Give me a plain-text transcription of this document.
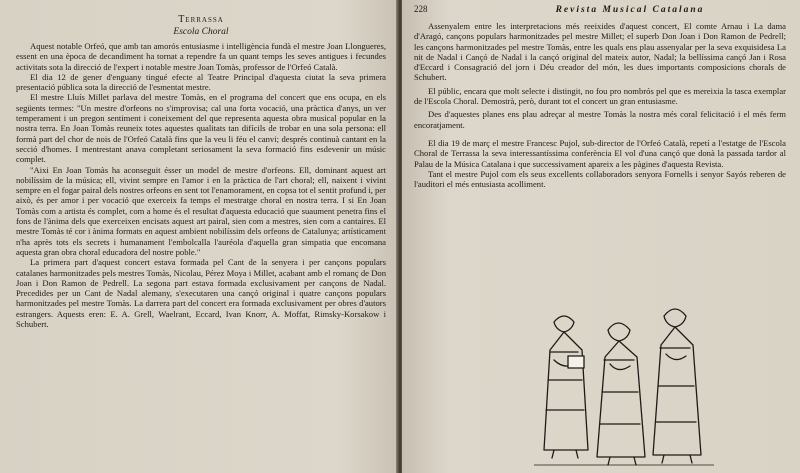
Terrassa
Escola Choral

Aquest notable Orfeó, que amb tan amorós entusiasme i intelligència fundà el mestre Joan Llongueres, essent en una època de decandiment ha tornat a rependre fa un quant temps les seves antigues i fecundes activitats sota la direcció de l'expert i notable mestre Joan Tomàs, professor de l'Orfeó Català.

El dia 12 de gener d'enguany tingué efecte al Teatre Principal d'aquesta ciutat la seva primera presentació pública sota la direcció de l'esmentat mestre.

El mestre Lluís Millet parlava del mestre Tomàs, en el programa del concert que ens ocupa, en els següents termes: "Un mestre d'orfeons no s'improvisa; cal una forta vocació, una pràctica d'anys, un ver temperament i un pregon sentiment i coneixement del que representa aquesta obra musical popular en la nostra terra. En Joan Tomàs reuneix totes aquestes qualitats tan difícils de trobar en una sola persona: ell formà part del chor de nois de l'Orfeó Català fins que la veu li féu el canvi; després continuà cantant en la secció d'homes. I mentrestant anava completant seriosament la seva formació fins esdevenir un músic complet.

"Aixi En Joan Tomàs ha aconseguit ésser un model de mestre d'orfeons. Ell, dominant aquest art nobilíssim de la música; ell, vivint sempre en l'amor i en la pràctica de l'art choral; ell, naixent i vivint sempre en el fogar pairal dels nostres orfeons en sent tot l'enamorament, en copsa tot el sentit profund i, per això, és per amor i per vocació que exerceix fa temps el mestratge choral en nostra terra. I si En Joan Tomàs com a artista és complet, com a home és el resultat d'aquesta educació que suaument penetra fins el fons de l'ànima dels que exerceixen encisats aquest art pairal, sien com a mestres, sien com a cantaires. El mestre Tomàs té cor i ànima formats en aquest ambient nobilíssim dels orfeons de Catalunya; artísticament n'ha après tots els secrets i humanament l'embolcalla l'auréola d'aquella gran simpatia que encomana aquesta gran obra choral educadora del nostre poble."

La primera part d'aquest concert estava formada pel Cant de la senyera i per cançons populars catalanes harmonitzades pels mestres Tomàs, Nicolau, Pérez Moya i Millet, acabant amb el romanç de Don Joan i Don Ramon de Pedrell. La segona part estava formada exclusivament per cançons de Nadal. Precedides per un Cant de Nadal alemany, s'executaren una cançó original i quatre cançons populars harmonitzades pel mestre Tomàs. La darrera part del concert era formada exclusivament per obres d'autors estrangers. Aquests eren: E. A. Grell, Waelrant, Eccard, Ivan Knorr, A. Moffat, Rimsky-Korsakow i Schubert.

228	Revista Musical Catalana

Assenyalem entre les interpretacions més reeixides d'aquest concert, El comte Arnau i La dama d'Aragó, cançons populars harmonitzades pel mestre Millet; el superb Don Joan i Don Ramon de Pedrell; les cançons harmonitzades pel mestre Tomàs, entre les quals ens plau assenyalar per la seva exquisidesa La nit de Nadal i Cançó de Nadal i la cançó original del mateix autor, Nadal; la bellíssima cançó Jan i Rosa d'Eccard i Consagració del jorn i Déu creador del món, les dues importants composicions chorals de Schubert.

El públic, encara que molt selecte i distingit, no fou pro nombrós pel que es mereixia la tasca exemplar de l'Escola Choral. Demostrà, però, durant tot el concert un gran entusiasme.

Des d'aquestes planes ens plau adreçar al mestre Tomàs la nostra més coral felicitació i el més ferm encoratjament.

El dia 19 de març el mestre Francesc Pujol, sub-director de l'Orfeó Català, repetí a l'estatge de l'Escola Choral de Terrassa la seva interessantíssima conferència El vol d'una cançó que donà la passada tardor al Palau de la Música Catalana i que successivament apareix a les pàgines d'aquesta Revista.

Tant el mestre Pujol com els seus excellents collaboradors senyora Fornells i senyor Sayós reberen de l'auditori el més entusiasta acolliment.
